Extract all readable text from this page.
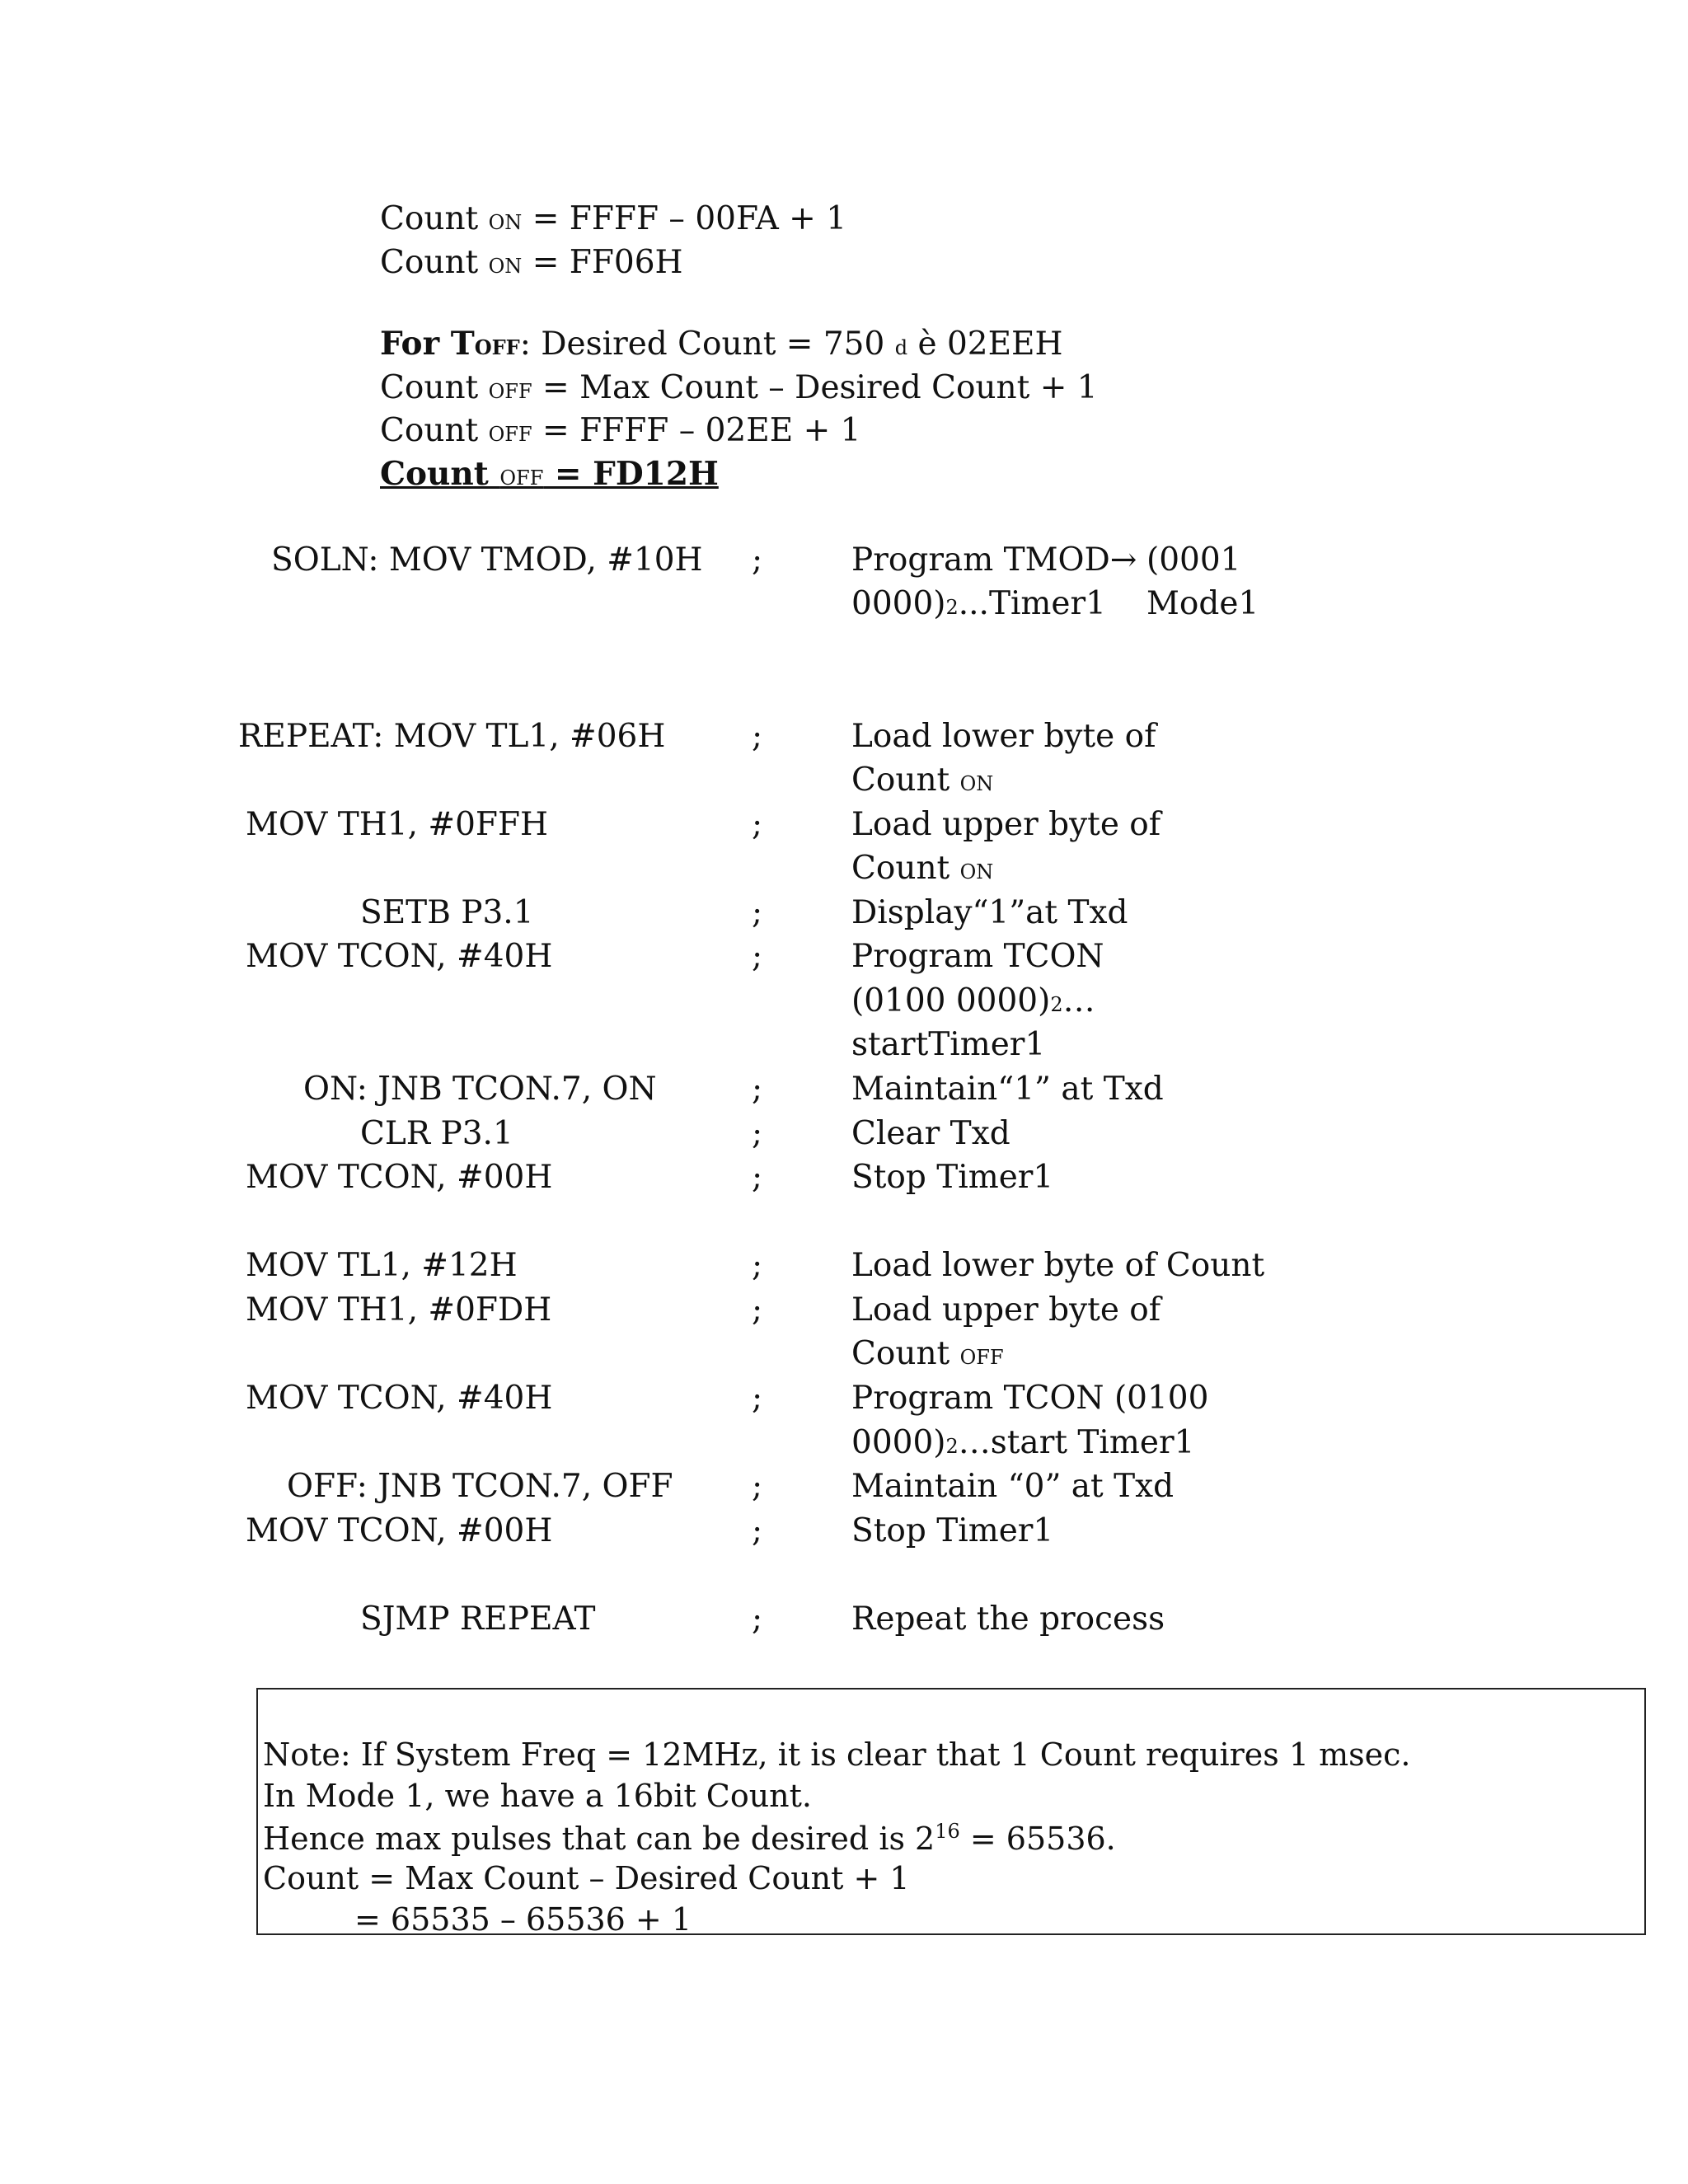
Count ON = FFFF – 00FA + 1
Count ON = FF06H
For TOFF: Desired Count = 750 d è 02EEH
Count OFF = Max Count – Desired Count + 1
Count OFF = FFFF – 02EE + 1
Count OFF = FD12H
SOLN: MOV TMOD, #10H ;	Program TMOD→ (0001
0000)2...Timer1 Mode1
REPEAT: MOV TL1, #06H	;	Load lower byte of
Count ON
MOV TH1, #0FFH	;	Load upper byte of
Count ON
SETB P3.1	;	Display“1”at Txd
MOV TCON, #40H	;	Program TCON
(0100 0000)2…
startTimer1
ON: JNB TCON.7, ON	;	Maintain“1” at Txd
CLR P3.1	;	Clear Txd
MOV TCON, #00H	;	Stop Timer1
MOV TL1, #12H	;	Load lower byte of Count
MOV TH1, #0FDH	;	Load upper byte of
Count OFF
MOV TCON, #40H	;	Program TCON (0100
0000)2…start Timer1
OFF: JNB TCON.7, OFF ;	Maintain “0” at Txd
MOV TCON, #00H	;	Stop Timer1
SJMP REPEAT	;	Repeat the process
Note: If System Freq = 12MHz, it is clear that 1 Count requires 1 msec.
In Mode 1, we have a 16bit Count.
Hence max pulses that can be desired is $2^{16} = 65536$.
Count = Max Count – Desired Count + 1
= 65535 – 65536 + 1
